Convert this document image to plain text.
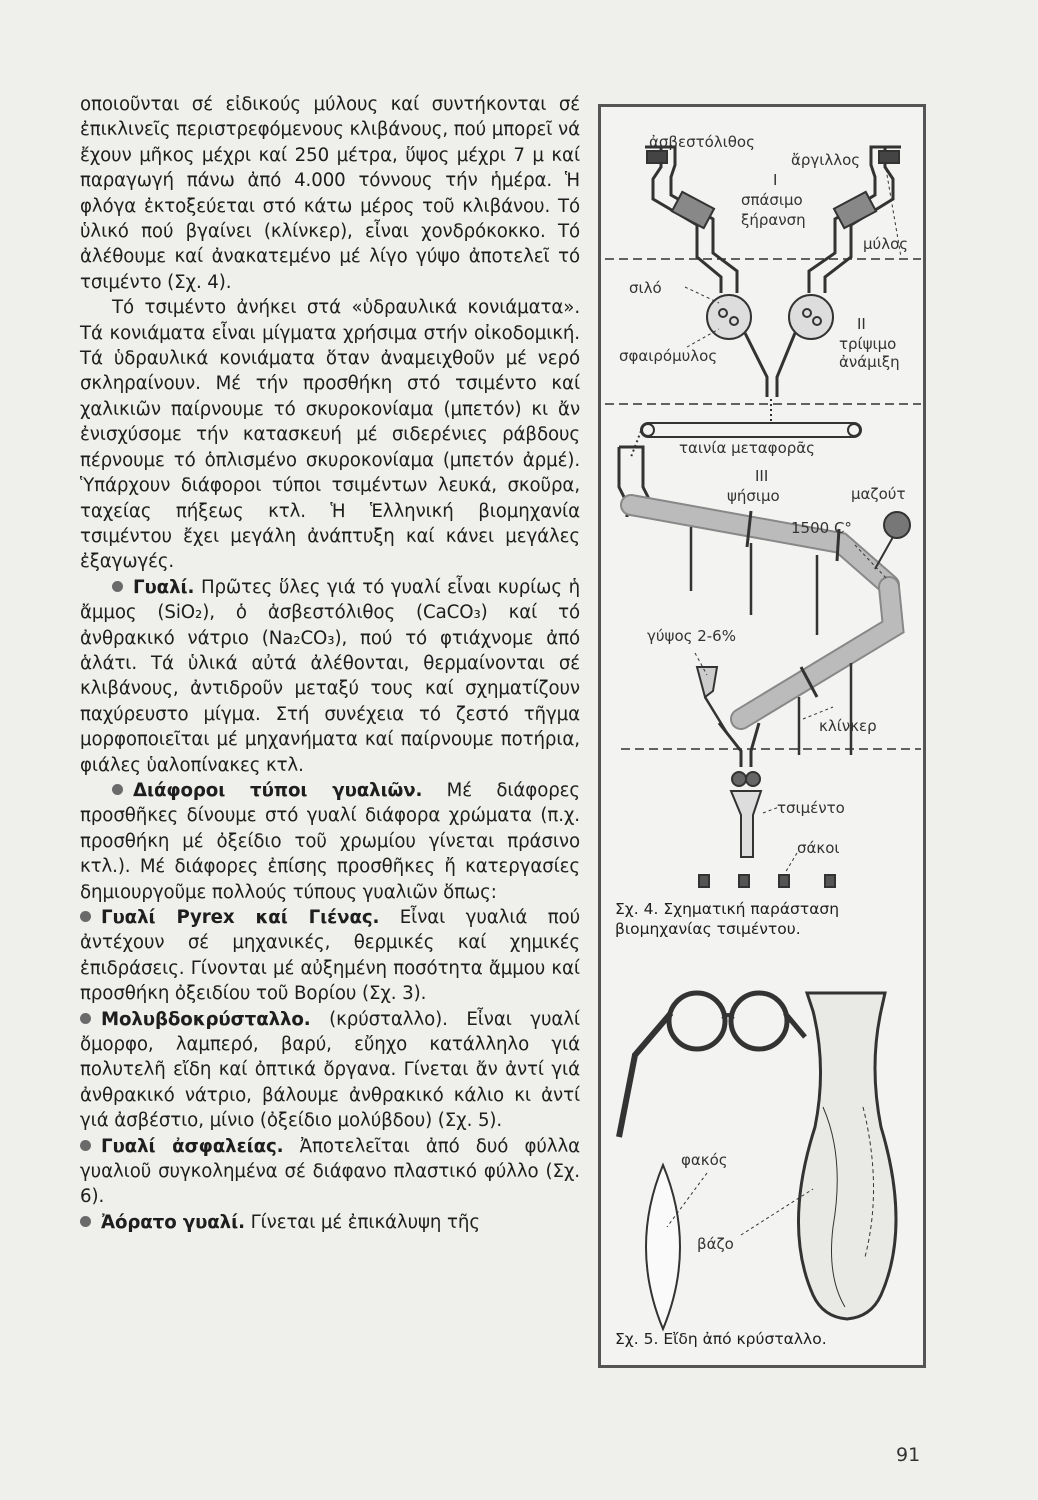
οποιοῦνται σέ εἰδικούς μύλους καί συντήκονται σέ ἐπικλινεῖς περιστρεφόμενους κλιβάνους, πού μπορεῖ νά ἔχουν μῆκος μέχρι καί 250 μέτρα, ὕψος μέχρι 7 μ καί παραγωγή πάνω ἀπό 4.000 τόννους τήν ἡμέρα. Ἡ φλόγα ἐκτοξεύεται στό κάτω μέρος τοῦ κλιβάνου. Τό ὑλικό πού βγαίνει (κλίνκερ), εἶναι χονδρόκοκκο. Τό ἀλέθουμε καί ἀνακατεμένο μέ λίγο γύψο ἀποτελεῖ τό τσιμέντο (Σχ. 4).

Τό τσιμέντο ἀνήκει στά «ὑδραυλικά κονιάματα». Τά κονιάματα εἶναι μίγματα χρήσιμα στήν οἰκοδομική. Τά ὑδραυλικά κονιάματα ὅταν ἀναμειχθοῦν μέ νερό σκληραίνουν. Μέ τήν προσθήκη στό τσιμέντο καί χαλικιῶν παίρνουμε τό σκυροκονίαμα (μπετόν) κι ἄν ἐνισχύσομε τήν κατασκευή μέ σιδερένιες ράβδους πέρνουμε τό ὁπλισμένο σκυροκονίαμα (μπετόν ἀρμέ). Ὑπάρχουν διάφοροι τύποι τσιμέντων λευκά, σκοῦρα, ταχείας πήξεως κτλ. Ἡ Ἑλληνική βιομηχανία τσιμέντου ἔχει μεγάλη ἀνάπτυξη καί κάνει μεγάλες ἐξαγωγές.

Γυαλί. Πρῶτες ὕλες γιά τό γυαλί εἶναι κυρίως ἡ ἄμμος (SiO₂), ὁ ἀσβεστόλιθος (CaCO₃) καί τό ἀνθρακικό νάτριο (Na₂CO₃), πού τό φτιάχνομε ἀπό ἁλάτι. Τά ὑλικά αὐτά ἀλέθονται, θερμαίνονται σέ κλιβάνους, ἀντιδροῦν μεταξύ τους καί σχηματίζουν παχύρευστο μίγμα. Στή συνέχεια τό ζεστό τῆγμα μορφοποιεῖται μέ μηχανήματα καί παίρνουμε ποτήρια, φιάλες ὑαλοπίνακες κτλ.

Διάφοροι τύποι γυαλιῶν. Μέ διάφορες προσθῆκες δίνουμε στό γυαλί διάφορα χρώματα (π.χ. προσθήκη μέ ὀξείδιο τοῦ χρωμίου γίνεται πράσινο κτλ.). Μέ διάφορες ἐπίσης προσθῆκες ἤ κατεργασίες δημιουργοῦμε πολλούς τύπους γυαλιῶν ὅπως:

Γυαλί Pyrex καί Γιένας. Εἶναι γυαλιά πού ἀντέχουν σέ μηχανικές, θερμικές καί χημικές ἐπιδράσεις. Γίνονται μέ αὐξημένη ποσότητα ἄμμου καί προσθήκη ὀξειδίου τοῦ Βορίου (Σχ. 3).

Μολυβδοκρύσταλλο. (κρύσταλλο). Εἶναι γυαλί ὄμορφο, λαμπερό, βαρύ, εὔηχο κατάλληλο γιά πολυτελῆ εἴδη καί ὀπτικά ὄργανα. Γίνεται ἄν ἀντί γιά ἀνθρακικό νάτριο, βάλουμε ἀνθρακικό κάλιο κι ἀντί γιά ἀσβέστιο, μίνιο (ὀξείδιο μολύβδου) (Σχ. 5).

Γυαλί ἀσφαλείας. Ἀποτελεῖται ἀπό δυό φύλλα γυαλιοῦ συγκολημένα σέ διάφανο πλαστικό φύλλο (Σχ. 6).

Ἀόρατο γυαλί. Γίνεται μέ ἐπικάλυψη τῆς

ἀσβεστόλιθος
ἄργιλλος
I
σπάσιμο
ξήρανση
μύλος
σιλό
II
τρίψιμο
ἀνάμιξη
σφαιρόμυλος
ταινία μεταφορᾶς
III
ψήσιμο	μαζούτ
1500 C°
γύψος 2-6%
κλίνκερ
τσιμέντο
σάκοι
φακός
βάζο
Σχ. 4. Σχηματική παράσταση βιομηχανίας τσιμέντου.
Σχ. 5. Εἴδη ἀπό κρύσταλλο.
91
